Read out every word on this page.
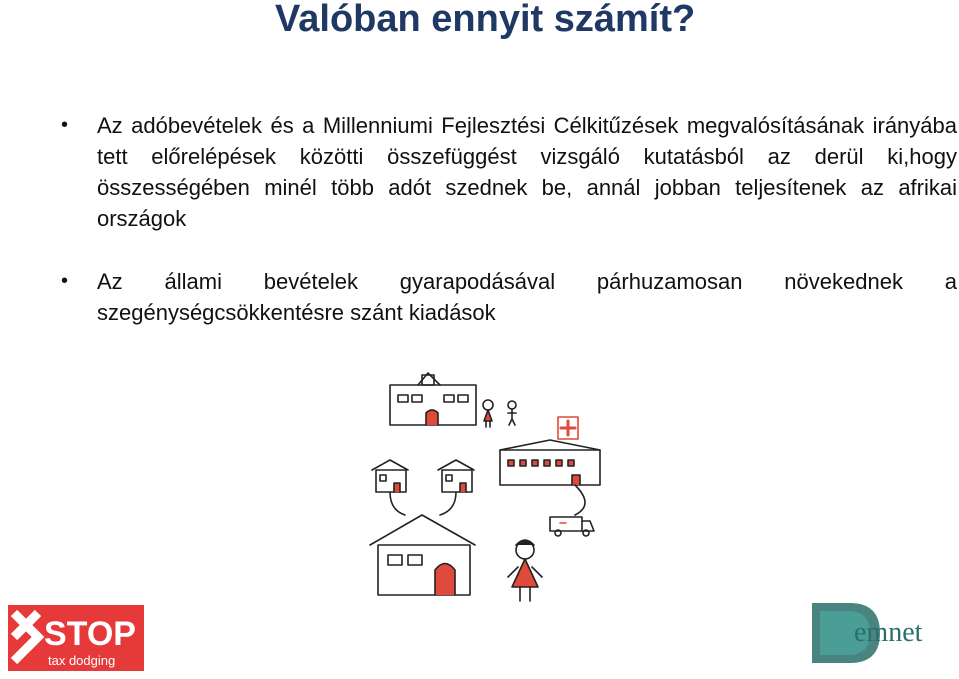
Valóban ennyit számít?
• Az adóbevételek és a Millenniumi Fejlesztési Célkitűzések megvalósításának irányába tett előrelépések közötti összefüggést vizsgáló kutatásból az derül ki,hogy összességében minél több adót szednek be, annál jobban teljesítenek az afrikai országok
• Az állami bevételek gyarapodásával párhuzamosan növekednek a szegénységcsökkentésre szánt kiadások
STOP
tax dodging
emnet
